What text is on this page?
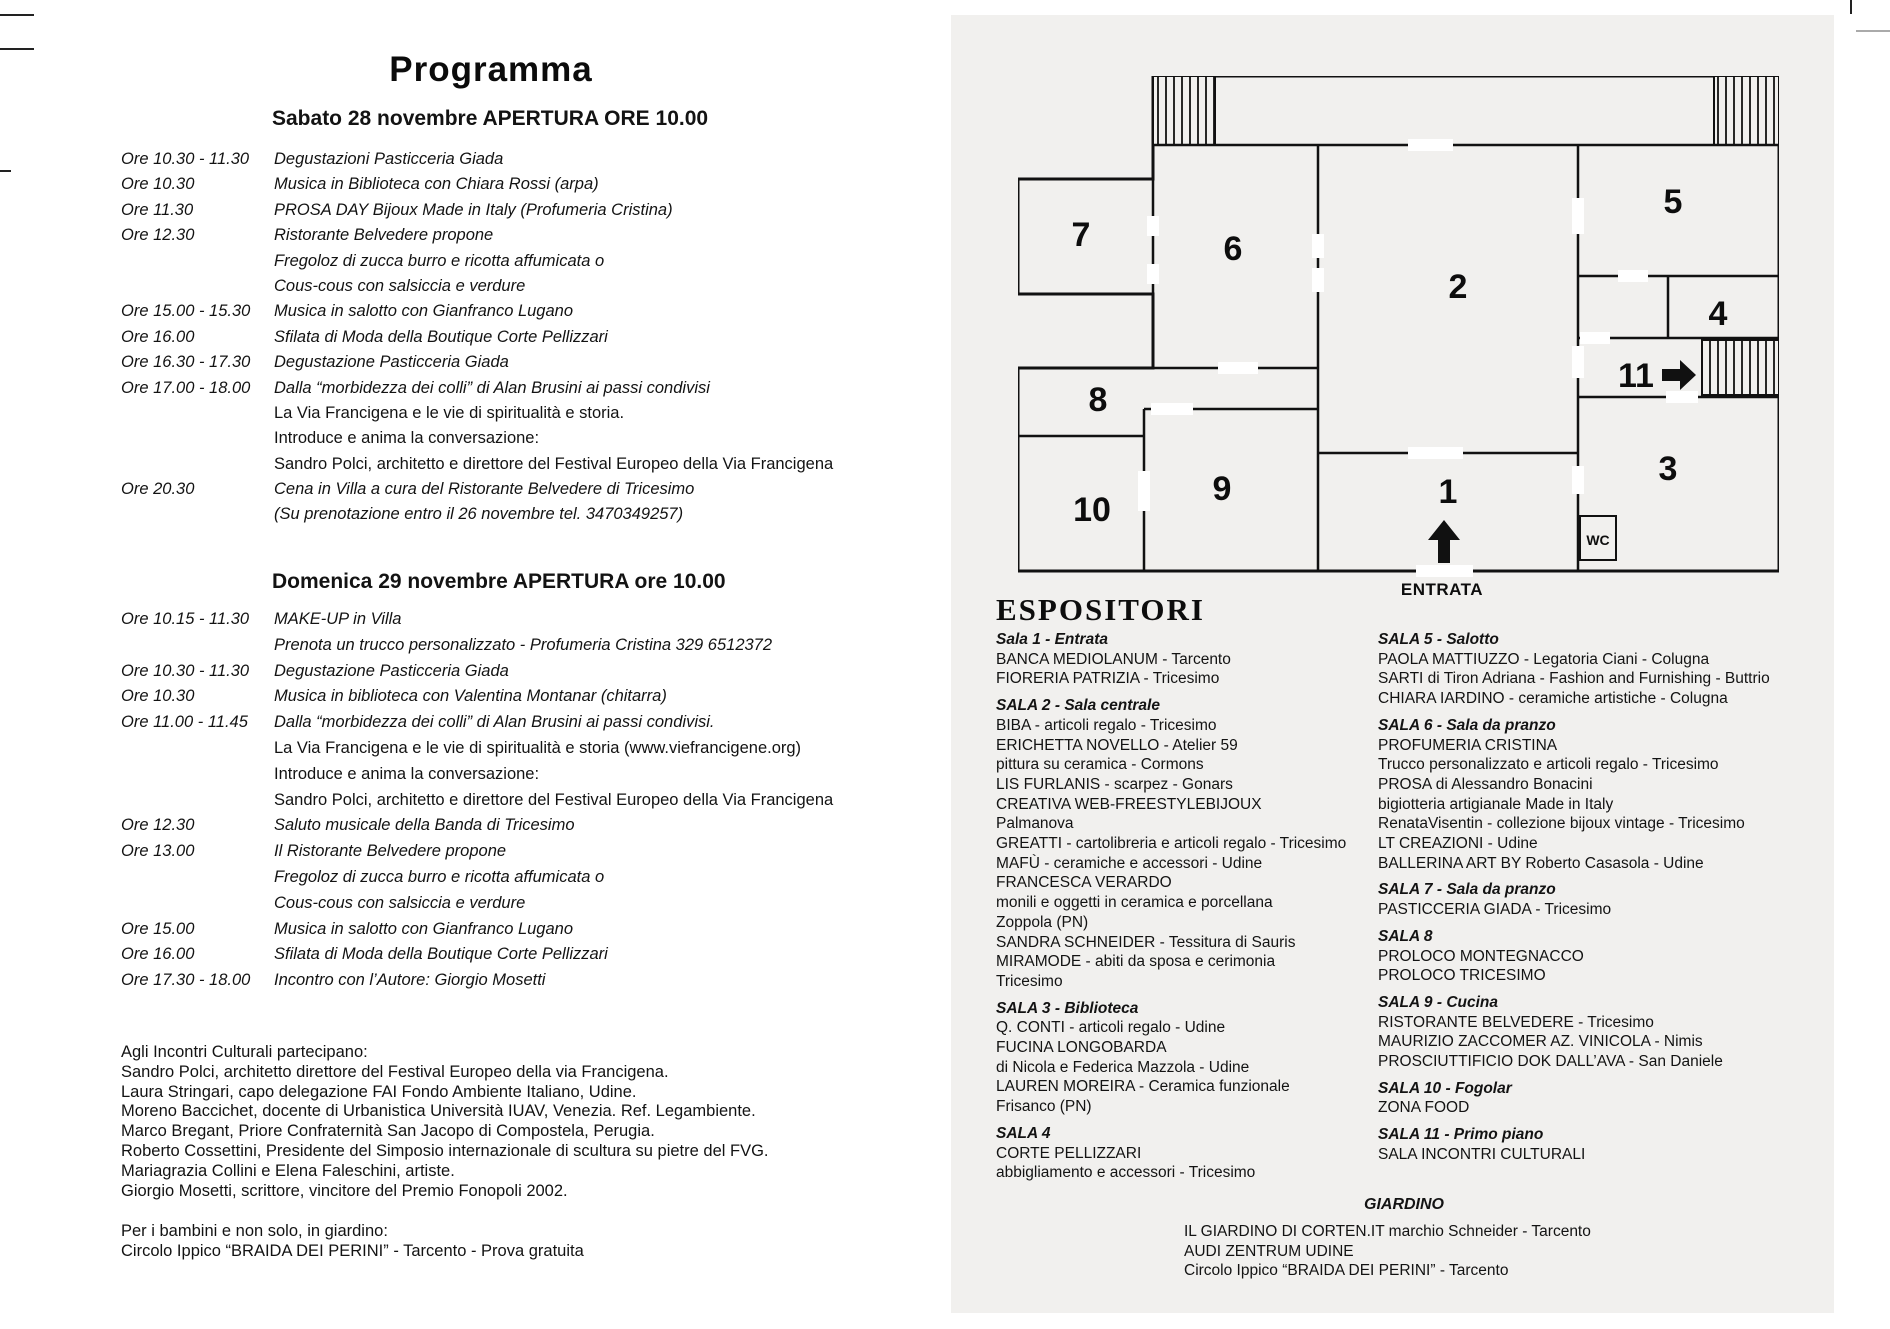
Programma
Sabato 28 novembre APERTURA ORE 10.00
Ore 10.30 - 11.30 Degustazioni Pasticceria Giada
Ore 10.30	Musica in Biblioteca con Chiara Rossi (arpa)
Ore 11.30	PROSA DAY Bijoux Made in Italy (Profumeria Cristina)
Ore 12.30	Ristorante Belvedere propone
Fregoloz di zucca burro e ricotta affumicata o
Cous-cous con salsiccia e verdure
Ore 15.00 - 15.30 Musica in salotto con Gianfranco Lugano
Ore 16.00	Sfilata di Moda della Boutique Corte Pellizzari
Ore 16.30 - 17.30 Degustazione Pasticceria Giada
Ore 17.00 - 18.00 Dalla “morbidezza dei colli” di Alan Brusini ai passi condivisi
La Via Francigena e le vie di spiritualità e storia.
Introduce e anima la conversazione:
Sandro Polci, architetto e direttore del Festival Europeo della Via Francigena
Ore 20.30	Cena in Villa a cura del Ristorante Belvedere di Tricesimo
(Su prenotazione entro il 26 novembre tel. 3470349257)
Domenica 29 novembre APERTURA ore 10.00
Ore 10.15 - 11.30 MAKE-UP in Villa
Prenota un trucco personalizzato - Profumeria Cristina 329 6512372
Ore 10.30 - 11.30 Degustazione Pasticceria Giada
Ore 10.30	Musica in biblioteca con Valentina Montanar (chitarra)
Ore 11.00 - 11.45 Dalla “morbidezza dei colli” di Alan Brusini ai passi condivisi.
La Via Francigena e le vie di spiritualità e storia (www.viefrancigene.org)
Introduce e anima la conversazione:
Sandro Polci, architetto e direttore del Festival Europeo della Via Francigena
Ore 12.30	Saluto musicale della Banda di Tricesimo
Ore 13.00	Il Ristorante Belvedere propone
Fregoloz di zucca burro e ricotta affumicata o
Cous-cous con salsiccia e verdure
Ore 15.00	Musica in salotto con Gianfranco Lugano
Ore 16.00	Sfilata di Moda della Boutique Corte Pellizzari
Ore 17.30 - 18.00 Incontro con l’Autore: Giorgio Mosetti
Agli Incontri Culturali partecipano:
Sandro Polci, architetto direttore del Festival Europeo della via Francigena.
Laura Stringari, capo delegazione FAI Fondo Ambiente Italiano, Udine.
Moreno Baccichet, docente di Urbanistica Università IUAV, Venezia. Ref. Legambiente.
Marco Bregant, Priore Confraternità San Jacopo di Compostela, Perugia.
Roberto Cossettini, Presidente del Simposio internazionale di scultura su pietre del FVG.
Mariagrazia Collini e Elena Faleschini, artiste.
Giorgio Mosetti, scrittore, vincitore del Premio Fonopoli 2002.
Per i bambini e non solo, in giardino:
Circolo Ippico “BRAIDA DEI PERINI” - Tarcento - Prova gratuita
WC
1
2
3
4
5
6
7
8
9
10
11
ENTRATA
ESPOSITORI
Sala 1 - Entrata
BANCA MEDIOLANUM - Tarcento
FIORERIA PATRIZIA - Tricesimo
SALA 2 - Sala centrale
BIBA - articoli regalo - Tricesimo
ERICHETTA NOVELLO - Atelier 59
pittura su ceramica - Cormons
LIS FURLANIS - scarpez - Gonars
CREATIVA WEB-FREESTYLEBIJOUX
Palmanova
GREATTI - cartolibreria e articoli regalo - Tricesimo
MAFÙ - ceramiche e accessori - Udine
FRANCESCA VERARDO
monili e oggetti in ceramica e porcellana
Zoppola (PN)
SANDRA SCHNEIDER - Tessitura di Sauris
MIRAMODE - abiti da sposa e cerimonia
Tricesimo
SALA 3 - Biblioteca
Q. CONTI - articoli regalo - Udine
FUCINA LONGOBARDA
di Nicola e Federica Mazzola - Udine
LAUREN MOREIRA - Ceramica funzionale
Frisanco (PN)
SALA 4
CORTE PELLIZZARI
abbigliamento e accessori - Tricesimo
SALA 5 - Salotto
PAOLA MATTIUZZO - Legatoria Ciani - Colugna
SARTI di Tiron Adriana - Fashion and Furnishing - Buttrio
CHIARA IARDINO - ceramiche artistiche - Colugna
SALA 6 - Sala da pranzo
PROFUMERIA CRISTINA
Trucco personalizzato e articoli regalo - Tricesimo
PROSA di Alessandro Bonacini
bigiotteria artigianale Made in Italy
RenataVisentin - collezione bijoux vintage - Tricesimo
LT CREAZIONI - Udine
BALLERINA ART BY Roberto Casasola - Udine
SALA 7 - Sala da pranzo
PASTICCERIA GIADA - Tricesimo
SALA 8
PROLOCO MONTEGNACCO
PROLOCO TRICESIMO
SALA 9 - Cucina
RISTORANTE BELVEDERE - Tricesimo
MAURIZIO ZACCOMER AZ. VINICOLA - Nimis
PROSCIUTTIFICIO DOK DALL’AVA - San Daniele
SALA 10 - Fogolar
ZONA FOOD
SALA 11 - Primo piano
SALA INCONTRI CULTURALI
GIARDINO
IL GIARDINO DI CORTEN.IT marchio Schneider - Tarcento
AUDI ZENTRUM UDINE
Circolo Ippico “BRAIDA DEI PERINI” - Tarcento
